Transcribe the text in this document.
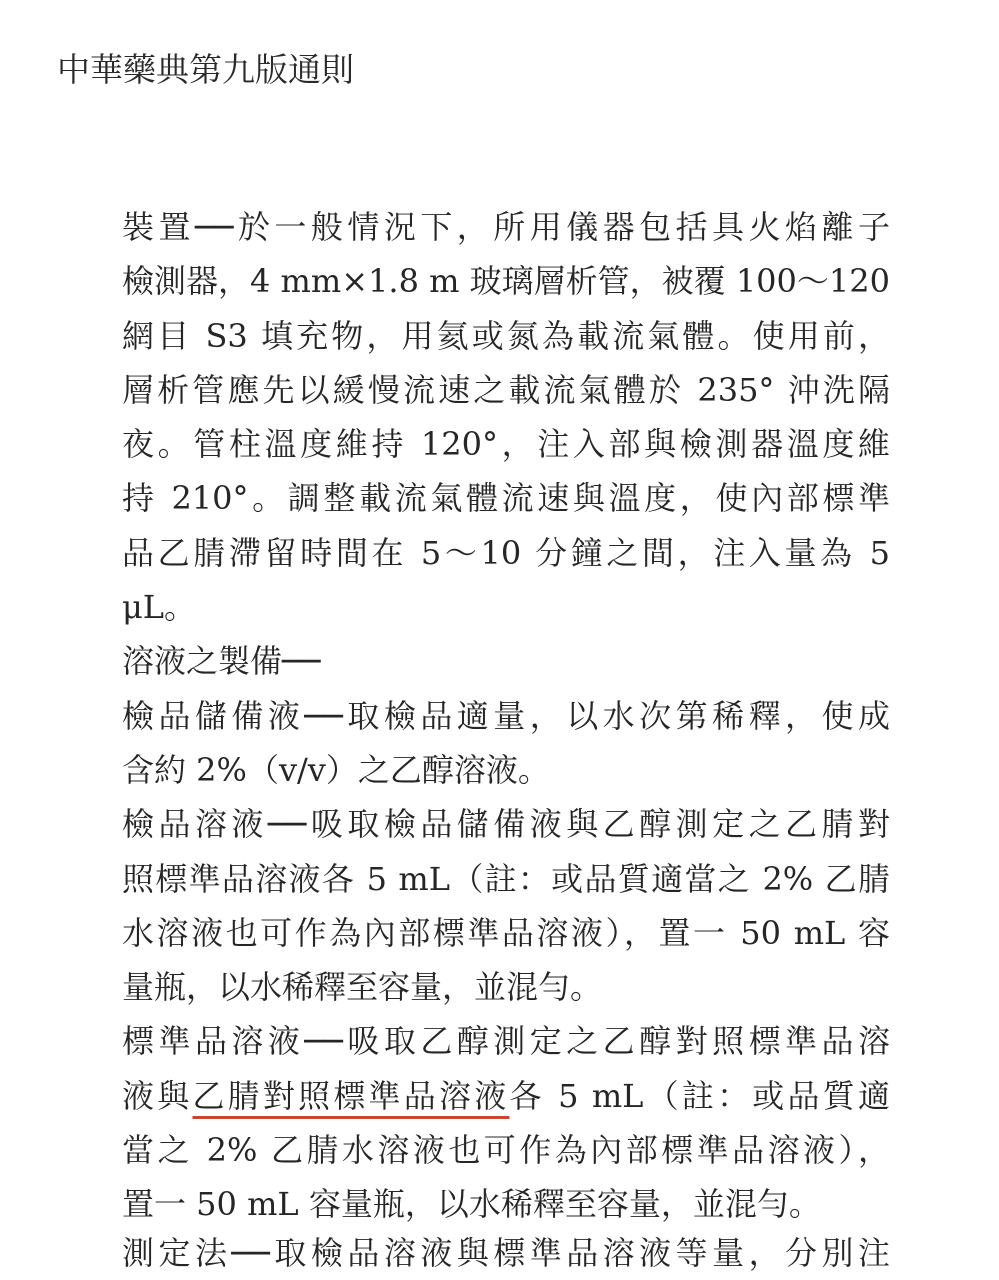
中華藥典第九版通則
裝置──於一般情況下，所用儀器包括具火焰離子
檢測器，4 mm×1.8 m 玻璃層析管，被覆 100～120
網目 S3 填充物，用氦或氮為載流氣體。使用前，
層析管應先以緩慢流速之載流氣體於 235° 沖洗隔
夜。管柱溫度維持 120°，注入部與檢測器溫度維
持 210°。調整載流氣體流速與溫度，使內部標準
品乙腈滯留時間在 5～10 分鐘之間，注入量為 5
μL。
溶液之製備──
檢品儲備液──取檢品適量，以水次第稀釋，使成
含約 2%（v/v）之乙醇溶液。
檢品溶液──吸取檢品儲備液與乙醇測定之乙腈對
照標準品溶液各 5 mL（註：或品質適當之 2% 乙腈
水溶液也可作為內部標準品溶液），置一 50 mL 容
量瓶，以水稀釋至容量，並混勻。
標準品溶液──吸取乙醇測定之乙醇對照標準品溶
液與乙腈對照標準品溶液各 5 mL（註：或品質適
當之 2% 乙腈水溶液也可作為內部標準品溶液），
置一 50 mL 容量瓶，以水稀釋至容量，並混勻。
測定法──取檢品溶液與標準品溶液等量，分別注
